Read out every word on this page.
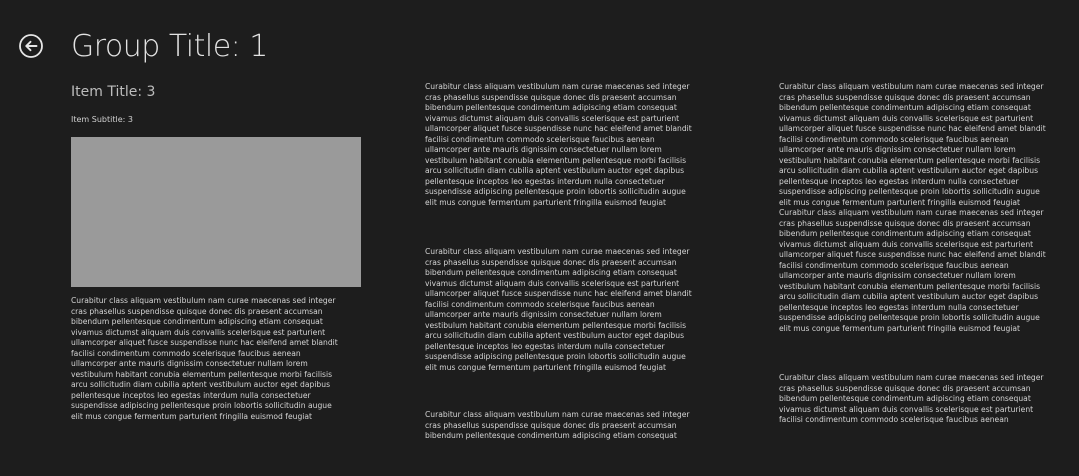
Group Title: 1
Item Title: 3
Item Subtitle: 3
Curabitur class aliquam vestibulum nam curae maecenas sed integer
cras phasellus suspendisse quisque donec dis praesent accumsan
bibendum pellentesque condimentum adipiscing etiam consequat
vivamus dictumst aliquam duis convallis scelerisque est parturient
ullamcorper aliquet fusce suspendisse nunc hac eleifend amet blandit
facilisi condimentum commodo scelerisque faucibus aenean
ullamcorper ante mauris dignissim consectetuer nullam lorem
vestibulum habitant conubia elementum pellentesque morbi facilisis
arcu sollicitudin diam cubilia aptent vestibulum auctor eget dapibus
pellentesque inceptos leo egestas interdum nulla consectetuer
suspendisse adipiscing pellentesque proin lobortis sollicitudin augue
elit mus congue fermentum parturient fringilla euismod feugiat
Curabitur class aliquam vestibulum nam curae maecenas sed integer
cras phasellus suspendisse quisque donec dis praesent accumsan
bibendum pellentesque condimentum adipiscing etiam consequat
vivamus dictumst aliquam duis convallis scelerisque est parturient
ullamcorper aliquet fusce suspendisse nunc hac eleifend amet blandit
facilisi condimentum commodo scelerisque faucibus aenean
ullamcorper ante mauris dignissim consectetuer nullam lorem
vestibulum habitant conubia elementum pellentesque morbi facilisis
arcu sollicitudin diam cubilia aptent vestibulum auctor eget dapibus
pellentesque inceptos leo egestas interdum nulla consectetuer
suspendisse adipiscing pellentesque proin lobortis sollicitudin augue
elit mus congue fermentum parturient fringilla euismod feugiat
Curabitur class aliquam vestibulum nam curae maecenas sed integer
cras phasellus suspendisse quisque donec dis praesent accumsan
bibendum pellentesque condimentum adipiscing etiam consequat
vivamus dictumst aliquam duis convallis scelerisque est parturient
ullamcorper aliquet fusce suspendisse nunc hac eleifend amet blandit
facilisi condimentum commodo scelerisque faucibus aenean
ullamcorper ante mauris dignissim consectetuer nullam lorem
vestibulum habitant conubia elementum pellentesque morbi facilisis
arcu sollicitudin diam cubilia aptent vestibulum auctor eget dapibus
pellentesque inceptos leo egestas interdum nulla consectetuer
suspendisse adipiscing pellentesque proin lobortis sollicitudin augue
elit mus congue fermentum parturient fringilla euismod feugiat
Curabitur class aliquam vestibulum nam curae maecenas sed integer
cras phasellus suspendisse quisque donec dis praesent accumsan
bibendum pellentesque condimentum adipiscing etiam consequat
Curabitur class aliquam vestibulum nam curae maecenas sed integer
cras phasellus suspendisse quisque donec dis praesent accumsan
bibendum pellentesque condimentum adipiscing etiam consequat
vivamus dictumst aliquam duis convallis scelerisque est parturient
ullamcorper aliquet fusce suspendisse nunc hac eleifend amet blandit
facilisi condimentum commodo scelerisque faucibus aenean
ullamcorper ante mauris dignissim consectetuer nullam lorem
vestibulum habitant conubia elementum pellentesque morbi facilisis
arcu sollicitudin diam cubilia aptent vestibulum auctor eget dapibus
pellentesque inceptos leo egestas interdum nulla consectetuer
suspendisse adipiscing pellentesque proin lobortis sollicitudin augue
elit mus congue fermentum parturient fringilla euismod feugiat
Curabitur class aliquam vestibulum nam curae maecenas sed integer
cras phasellus suspendisse quisque donec dis praesent accumsan
bibendum pellentesque condimentum adipiscing etiam consequat
vivamus dictumst aliquam duis convallis scelerisque est parturient
ullamcorper aliquet fusce suspendisse nunc hac eleifend amet blandit
facilisi condimentum commodo scelerisque faucibus aenean
ullamcorper ante mauris dignissim consectetuer nullam lorem
vestibulum habitant conubia elementum pellentesque morbi facilisis
arcu sollicitudin diam cubilia aptent vestibulum auctor eget dapibus
pellentesque inceptos leo egestas interdum nulla consectetuer
suspendisse adipiscing pellentesque proin lobortis sollicitudin augue
elit mus congue fermentum parturient fringilla euismod feugiat
Curabitur class aliquam vestibulum nam curae maecenas sed integer
cras phasellus suspendisse quisque donec dis praesent accumsan
bibendum pellentesque condimentum adipiscing etiam consequat
vivamus dictumst aliquam duis convallis scelerisque est parturient
facilisi condimentum commodo scelerisque faucibus aenean
